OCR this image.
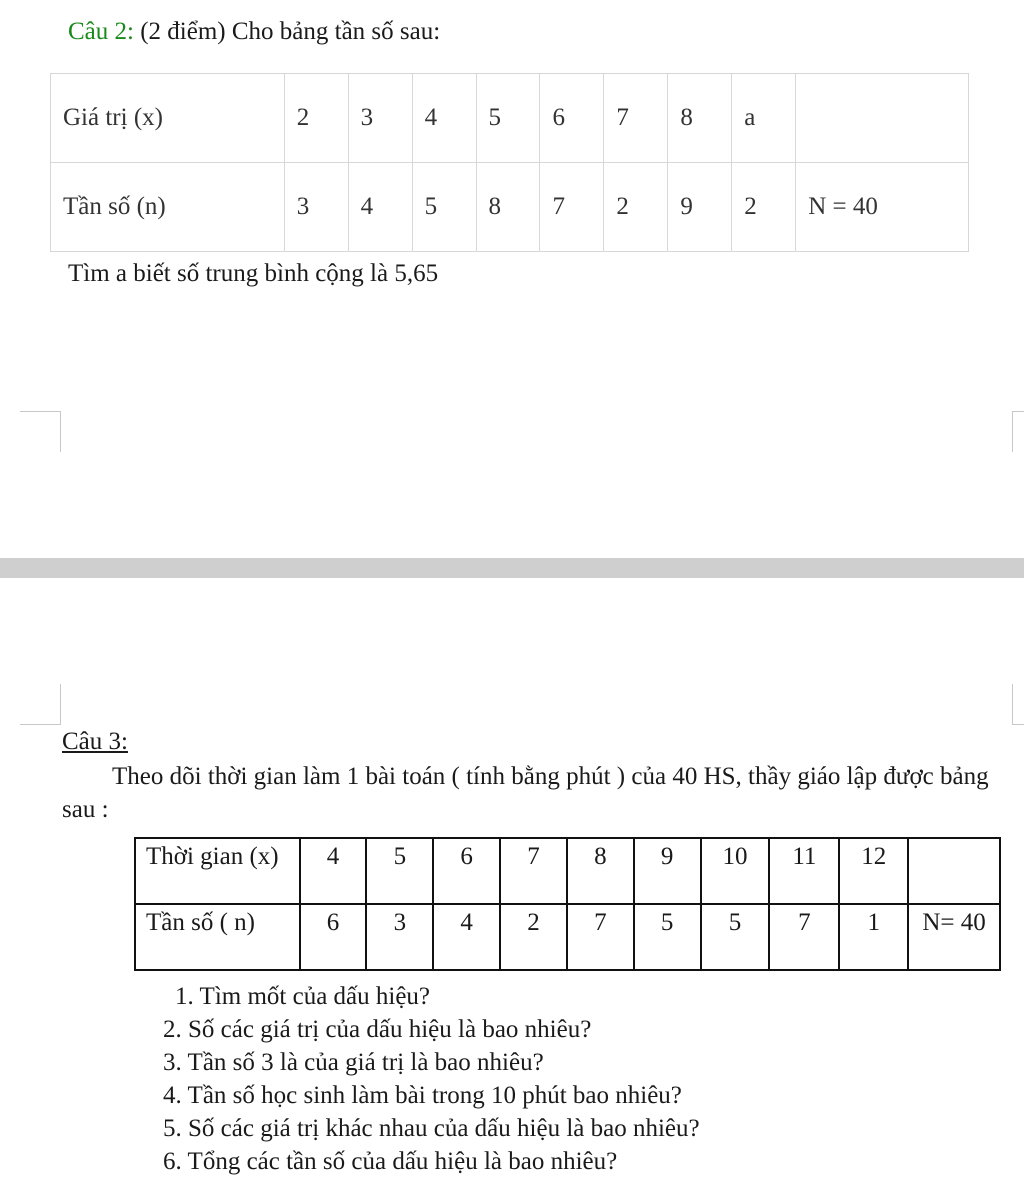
Câu 2: (2 điểm) Cho bảng tần số sau:
Giá trị (x)	2	3	4	5	6	7	8	a	
Tần số (n)	3	4	5	8	7	2	9	2	N = 40
Tìm a biết số trung bình cộng là 5,65
Câu 3:
Theo dõi thời gian làm 1 bài toán ( tính bằng phút ) của 40 HS, thầy giáo lập được bảng sau :
Thời gian (x)	4	5	6	7	8	9	10	11	12	
Tần số ( n)	6	3	4	2	7	5	5	7	1	N= 40
1. Tìm mốt của dấu hiệu?
2. Số các giá trị của dấu hiệu là bao nhiêu?
3. Tần số 3 là của giá trị là bao nhiêu?
4. Tần số học sinh làm bài trong 10 phút bao nhiêu?
5. Số các giá trị khác nhau của dấu hiệu là bao nhiêu?
6. Tổng các tần số của dấu hiệu là bao nhiêu?
